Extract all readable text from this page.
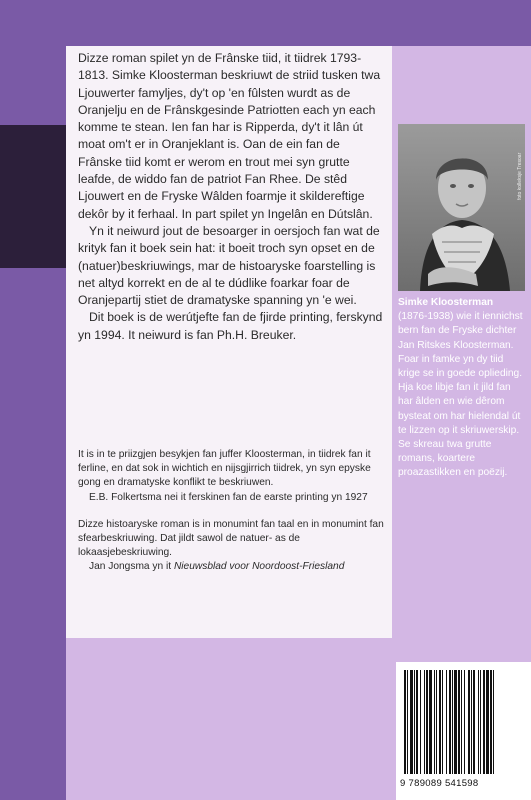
Dizze roman spilet yn de Frânske tiid, it tiidrek 1793-1813. Simke Kloosterman beskriuwt de striid tusken twa Ljouwerter famyljes, dy't op 'en fûlsten wurdt as de Oranjelju en de Frânskgesinde Patriotten each yn each komme te stean. Ien fan har is Ripperda, dy't it lân út moat om't er in Oranjeklant is. Oan de ein fan de Frânske tiid komt er werom en trout mei syn grutte leafde, de widdo fan de patriot Fan Rhee. De stêd Ljouwert en de Fryske Wâlden foarmje it skildereftige dekôr by it ferhaal. In part spilet yn Ingelân en Dútslân.

Yn it neiwurd jout de besoarger in oersjoch fan wat de krityk fan it boek sein hat: it boeit troch syn opset en de (natuer)beskriuwings, mar de histoaryske foarstelling is net altyd korrekt en de al te dúdlike foarkar foar de Oranjepartij stiet de dramatyske spanning yn 'e wei.

Dit boek is de werútjefte fan de fjirde printing, ferskynd yn 1994. It neiwurd is fan Ph.H. Breuker.

It is in te priizgjen besykjen fan juffer Kloosterman, in tiidrek fan it ferline, en dat sok in wichtich en nijsgjirrich tiidrek, yn syn epyske gong en dramatyske konflikt te beskriuwen.

E.B. Folkertsma nei it ferskinen fan de earste printing yn 1927

Dizze histoaryske roman is in monumint fan taal en in monumint fan sfearbeskriuwing. Dat jildt sawol de natuer- as de lokaasjebeskriuwing.

Jan Jongsma yn it Nieuwsblad voor Noordoost-Friesland

foto kolleksje Tresoar

Simke Kloosterman

(1876-1938) wie it iennichst bern fan de Fryske dichter Jan Ritskes Kloosterman. Foar in famke yn dy tiid krige se in goede oplieding. Hja koe libje fan it jild fan har âlden en wie dêrom bysteat om har hielendal út te lizzen op it skriuwerskip. Se skreau twa grutte romans, koartere proazastikken en poëzij.

9 789089 541598
